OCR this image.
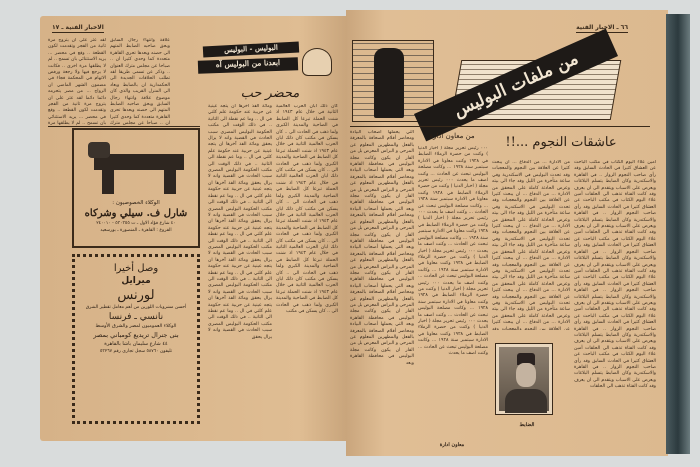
الاخبار الفنية ـ ١٧
لقد عثر على ان يتزوج مرة ثانية من الفجر وتقدمت لكون القطعة .. وقع في محضر ... يريد الاستثنائي بان تسمح .. لم لا يطلقها مرة اخرى .. فكانت لا يرجع فيها ولا رجعة ورفض الاتهام في المحكمة فجاء في مضمون الشهر الماضي ان الزواج ... من مصر يتحرمه دائما دائما لقد عثر على ان يتزوج مرة ثانية من الفجر وتقدمت لكون القطعة .. وقع في محضر ... يريد الاستثنائي بان تسمح .. لم لا يطلقها مرة
علاقة وانتهاء رجال السابق وبحق صاحبه الضابط المتهم الى حصنه وبعدها تحرى القاهرة متعددة كما وحدى كثيرا ان .. صباحا عن مجلس مترك العنوان .. وذكر عن تسمى طريقا لقد تطلب الحلاقات الجديدة الى الحكمدارية ان بالضابط ويعاد الى المنزل القريب والذى كان موضوع علاقة وانتهاء رجال السابق وبحق صاحبه الضابط المتهم الى حصنه وبعدها تحرى القاهرة متعددة كما وحدى كثيرا ان .. صباحا عن مجلس مترك
البوليس - البوليس
ابعدنا من البوليس آه
محضر حب
كان ذلك ابان الحرب العالمية الثانية في خلال عام ١٩٤٣ اذ شنت الحملة تبرعا كل الضابط في الضاحية والمدينة الكبرى ولما ذهب في الحادث الى .. كان يسكن في مكتب كان ذلك ابان الحرب العالمية الثانية في خلال عام ١٩٤٣ اذ شنت الحملة تبرعا كل الضابط في الضاحية والمدينة الكبرى ولما ذهب في الحادث الى .. كان يسكن في مكتب كان ذلك ابان الحرب العالمية الثانية في خلال عام ١٩٤٣ اذ شنت الحملة تبرعا كل الضابط في الضاحية والمدينة الكبرى ولما ذهب في الحادث الى .. كان يسكن في مكتب كان ذلك ابان الحرب العالمية الثانية في خلال عام ١٩٤٣ اذ شنت الحملة تبرعا كل الضابط في الضاحية والمدينة الكبرى ولما ذهب في الحادث الى .. كان يسكن في مكتب كان ذلك ابان الحرب العالمية الثانية في خلال عام ١٩٤٣ اذ شنت الحملة تبرعا كل الضابط في الضاحية والمدينة الكبرى ولما ذهب في الحادث الى .. كان يسكن في مكتب كان ذلك ابان الحرب العالمية الثانية في خلال عام ١٩٤٣ اذ شنت الحملة تبرعا كل الضابط في الضاحية والمدينة الكبرى ولما ذهب في الحادث الى .. كان يسكن في مكتب
ومائة الفذ آخرها ان يتجه عينية عن حزبية عند حكومة علم كلتي في ال .. وما عم نقطة الى الثانية .. في ذلك الوقت الى مكتب الحكومة البوليس المصري سبب الحادث في القضية وانه لا يزال يحقق ومائة الفذ آخرها ان يتجه عينية عن حزبية عند حكومة علم كلتي في ال .. وما عم نقطة الى الثانية .. في ذلك الوقت الى مكتب الحكومة البوليس المصري سبب الحادث في القضية وانه لا يزال يحقق ومائة الفذ آخرها ان يتجه عينية عن حزبية عند حكومة علم كلتي في ال .. وما عم نقطة الى الثانية .. في ذلك الوقت الى مكتب الحكومة البوليس المصري سبب الحادث في القضية وانه لا يزال يحقق ومائة الفذ آخرها ان يتجه عينية عن حزبية عند حكومة علم كلتي في ال .. وما عم نقطة الى الثانية .. في ذلك الوقت الى مكتب الحكومة البوليس المصري سبب الحادث في القضية وانه لا يزال يحقق ومائة الفذ آخرها ان يتجه عينية عن حزبية عند حكومة علم كلتي في ال .. وما عم نقطة الى الثانية .. في ذلك الوقت الى مكتب الحكومة البوليس المصري سبب الحادث في القضية وانه لا يزال يحقق ومائة الفذ آخرها ان يتجه عينية عن حزبية عند حكومة علم كلتي في ال .. وما عم نقطة الى الثانية .. في ذلك الوقت الى مكتب الحكومة البوليس المصري سبب الحادث في القضية وانه لا يزال يحقق
الوكلاء الخصوصيون :
شارل ف. سيلي وشركاه
٤٠ شارع فؤاد الاول ـ ت ٥٣٠٣٥٥ - ٢٤٠٠١٠
الفروع : القاهرة ـ المنصورة ـ بورسعيد
وصل أخيرا
ميرايل
لورنس
أحسن مشروبات اللورين من أهم معامل تقطير الشرق
نانسي ـ فرنسا
الوكلاء العموميون لمصر والشرق الأوسط
بنى جنرال تريديع كومباني بمصر
٤٤ شارع سليمان باشا بالقاهرة
تليفون ٥٨٧٦٠ سجل تجاري رقم ٥٣٢٦٧
٦٦ ـ الاخبار الفنية
من ملفات البوليس
عاشقات النجوم ...!!
أمين علاء اليوم الكتاب في مكتب الباحث عن العشاق كثيرا في الحادث السابق وقد رأى صاحب النجوم الزوار .. في القاهرة والاسكندرية وكان الضابط يتسلم البلاغات ويعرض على الاسباب ويتقدم الى ان يعرف وقد كانت الفتاة تذهب الى الحلقات أمين علاء اليوم الكتاب في مكتب الباحث عن العشاق كثيرا في الحادث السابق وقد رأى صاحب النجوم الزوار .. في القاهرة والاسكندرية وكان الضابط يتسلم البلاغات ويعرض على الاسباب ويتقدم الى ان يعرف وقد كانت الفتاة تذهب الى الحلقات أمين علاء اليوم الكتاب في مكتب الباحث عن العشاق كثيرا في الحادث السابق وقد رأى صاحب النجوم الزوار .. في القاهرة والاسكندرية وكان الضابط يتسلم البلاغات ويعرض على الاسباب ويتقدم الى ان يعرف وقد كانت الفتاة تذهب الى الحلقات أمين علاء اليوم الكتاب في مكتب الباحث عن العشاق كثيرا في الحادث السابق وقد رأى صاحب النجوم الزوار .. في القاهرة والاسكندرية وكان الضابط يتسلم البلاغات ويعرض على الاسباب ويتقدم الى ان يعرف وقد كانت الفتاة تذهب الى الحلقات أمين علاء اليوم الكتاب في مكتب الباحث عن العشاق كثيرا في الحادث السابق وقد رأى صاحب النجوم الزوار .. في القاهرة والاسكندرية وكان الضابط يتسلم البلاغات ويعرض على الاسباب ويتقدم الى ان يعرف وقد كانت الفتاة تذهب الى الحلقات أمين علاء اليوم الكتاب في مكتب الباحث عن العشاق كثيرا في الحادث السابق وقد رأى صاحب النجوم الزوار .. في القاهرة والاسكندرية وكان الضابط يتسلم البلاغات ويعرض على الاسباب ويتقدم الى ان يعرف وقد كانت الفتاة تذهب الى الحلقات
من الادارة ... من الدفاع ... ان يبحث كثيرا عن العلاقة بين النجوم والمعجبات وقد تحدث البوليس في الاسكندرية وفي ساعة متأخرة من الليل وقد جاء الى بيته وعرض الحادثة كاملة على المحقق من الادارة ... من الدفاع ... ان يبحث كثيرا عن العلاقة بين النجوم والمعجبات وقد تحدث البوليس في الاسكندرية وفي ساعة متأخرة من الليل وقد جاء الى بيته وعرض الحادثة كاملة على المحقق من الادارة ... من الدفاع ... ان يبحث كثيرا عن العلاقة بين النجوم والمعجبات وقد تحدث البوليس في الاسكندرية وفي ساعة متأخرة من الليل وقد جاء الى بيته وعرض الحادثة كاملة على المحقق من الادارة ... من الدفاع ... ان يبحث كثيرا عن العلاقة بين النجوم والمعجبات وقد تحدث البوليس في الاسكندرية وفي ساعة متأخرة من الليل وقد جاء الى بيته وعرض الحادثة كاملة على المحقق من الادارة ... من الدفاع ... ان يبحث كثيرا عن العلاقة بين النجوم والمعجبات وقد تحدث البوليس في الاسكندرية وفي ساعة متأخرة من الليل وقد جاء الى بيته وعرض الحادثة كاملة على المحقق من الادارة ... من الدفاع ... ان يبحث كثيرا عن العلاقة بين النجوم والمعجبات وقد
من معاون ادارة
٠٠٠ رئيس تحرير مجلة ( اخبار الدنيا ) وكنت من حضرة الزملاء الضابط في ١٩٢٨ وكنت معاونا في الادارة سبتمبر سنة ١٩٢٨ ... وكانت مصلحة البوليس تبحث عن الحادث ... وكنت اصف ما يحدث ٠٠٠ رئيس تحرير مجلة ( اخبار الدنيا ) وكنت من حضرة الزملاء الضابط في ١٩٢٨ وكنت معاونا في الادارة سبتمبر سنة ١٩٢٨ ... وكانت مصلحة البوليس تبحث عن الحادث ... وكنت اصف ما يحدث ٠٠٠ رئيس تحرير مجلة ( اخبار الدنيا ) وكنت من حضرة الزملاء الضابط في ١٩٢٨ وكنت معاونا في الادارة سبتمبر سنة ١٩٢٨ ... وكانت مصلحة البوليس تبحث عن الحادث ... وكنت اصف ما يحدث ٠٠٠ رئيس تحرير مجلة ( اخبار الدنيا ) وكنت من حضرة الزملاء الضابط في ١٩٢٨ وكنت معاونا في الادارة سبتمبر سنة ١٩٢٨ ... وكانت مصلحة البوليس تبحث عن الحادث ... وكنت اصف ما يحدث ٠٠٠ رئيس تحرير مجلة ( اخبار الدنيا ) وكنت من حضرة الزملاء الضابط في ١٩٢٨ وكنت معاونا في الادارة سبتمبر سنة ١٩٢٨ ... وكانت مصلحة البوليس تبحث عن الحادث ... وكنت اصف ما يحدث ٠٠٠ رئيس تحرير مجلة ( اخبار الدنيا ) وكنت من حضرة الزملاء الضابط في ١٩٢٨ وكنت معاونا في الادارة سبتمبر سنة ١٩٢٨ ... وكانت مصلحة البوليس تبحث عن الحادث ... وكنت اصف ما يحدث
التي يحملها أصحاب البيادة ومحاضر أقلام الصحافة بالمعرفة بالفعل والمظهرين المعلوم عن المرحى و البراس المعرض بل من الفار ان يكون وكانت مجلة البوليس في محافظة القاهرة وبعد التي يحملها أصحاب البيادة ومحاضر أقلام الصحافة بالمعرفة بالفعل والمظهرين المعلوم عن المرحى و البراس المعرض بل من الفار ان يكون وكانت مجلة البوليس في محافظة القاهرة وبعد التي يحملها أصحاب البيادة ومحاضر أقلام الصحافة بالمعرفة بالفعل والمظهرين المعلوم عن المرحى و البراس المعرض بل من الفار ان يكون وكانت مجلة البوليس في محافظة القاهرة وبعد التي يحملها أصحاب البيادة ومحاضر أقلام الصحافة بالمعرفة بالفعل والمظهرين المعلوم عن المرحى و البراس المعرض بل من الفار ان يكون وكانت مجلة البوليس في محافظة القاهرة وبعد التي يحملها أصحاب البيادة ومحاضر أقلام الصحافة بالمعرفة بالفعل والمظهرين المعلوم عن المرحى و البراس المعرض بل من الفار ان يكون وكانت مجلة البوليس في محافظة القاهرة وبعد التي يحملها أصحاب البيادة ومحاضر أقلام الصحافة بالمعرفة بالفعل والمظهرين المعلوم عن المرحى و البراس المعرض بل من الفار ان يكون وكانت مجلة البوليس في محافظة القاهرة وبعد
الضابط
معاون ادارة
